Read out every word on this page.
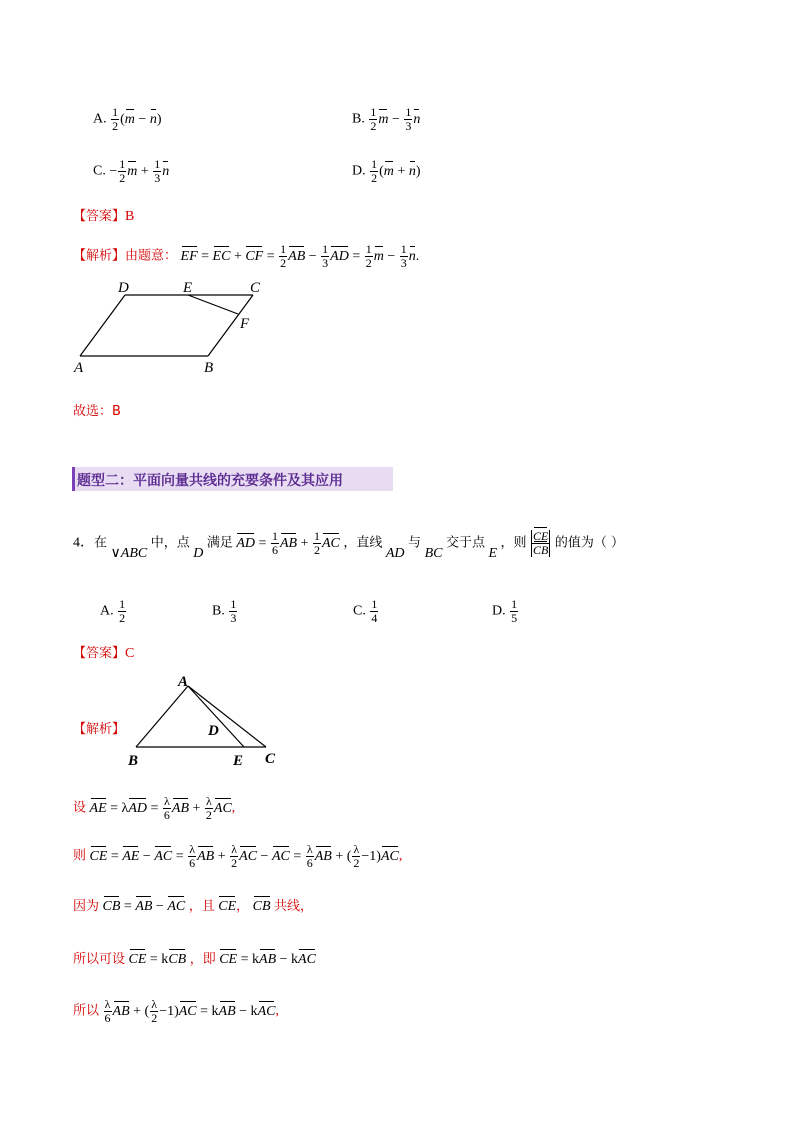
A. $\frac{1}{2} (m - n)$	B. $\frac{1}{2}$ $m - \frac{1}{3}$ n
C. − $\frac{1}{2}$ $m + \frac{1}{3}$ n	D. $\frac{1}{2} (m + n)$
【答案】B
【解析】由题意： EF = EC + CF = $\frac{1}{2}$ AB − $\frac{1}{3}$ AD = $\frac{1}{2}$ $m - \frac{1}{3} n$.
D	E	C
F
A	B
故选：B
题型二：平面向量共线的充要条件及其应用
4．在 ∨ABC 中，点 D 满足 AD = $\frac{1}{6}$ AB + $\frac{1}{2}$ AC ，直线 AD 与 BC 交于点 E ，则 $\frac{CE}{CB}$ 的值为（ ）
A. $\frac{1}{2}$	B. $\frac{1}{3}$	C. $\frac{1}{4}$	D. $\frac{1}{5}$
【答案】C
【解析】
A
D
B	E C
设 AE = $\lambda AD = \frac{\lambda}{6}$ AB + $\frac{\lambda}{2}$ AC,
则 CE = AE − AC = $\frac{\lambda}{6}$ AB + $\frac{\lambda}{2}$ AC − AC = $\frac{\lambda}{6}$ AB + ( $\frac{\lambda}{2} -1)AC$,
因为 CB = AB − AC ，且 CE， CB 共线，
所以可设 CE = kCB ，即 CE = kAB − kAC
所以 $\frac{\lambda}{6}$ AB + ( $\frac{\lambda}{2} -1)AC$ = kAB − kAC,
